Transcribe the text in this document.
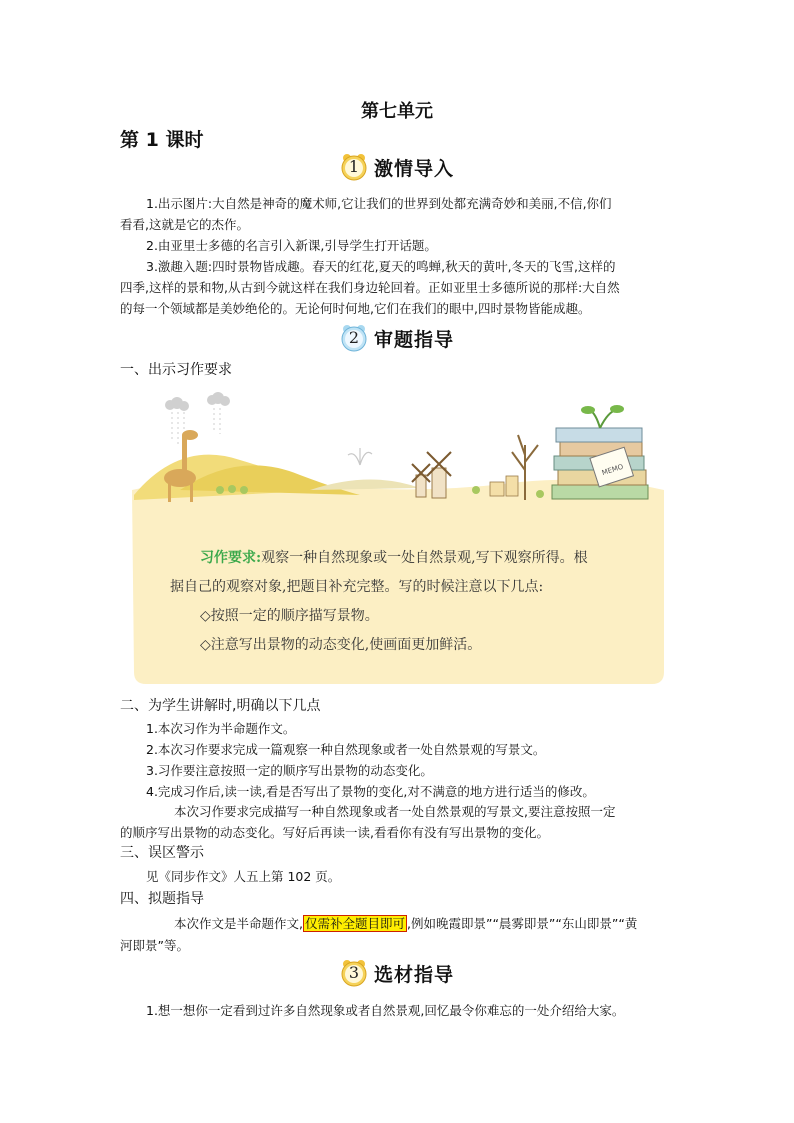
第七单元
第 1 课时
1 激情导入
1.出示图片:大自然是神奇的魔术师,它让我们的世界到处都充满奇妙和美丽,不信,你们
看看,这就是它的杰作。
2.由亚里士多德的名言引入新课,引导学生打开话题。
3.激趣入题:四时景物皆成趣。春天的红花,夏天的鸣蝉,秋天的黄叶,冬天的飞雪,这样的
四季,这样的景和物,从古到今就这样在我们身边轮回着。正如亚里士多德所说的那样:大自然
的每一个领域都是美妙绝伦的。无论何时何地,它们在我们的眼中,四时景物皆能成趣。
2 审题指导
一、出示习作要求
MEMO
习作要求:观察一种自然现象或一处自然景观,写下观察所得。根
据自己的观察对象,把题目补充完整。写的时候注意以下几点:
◇按照一定的顺序描写景物。
◇注意写出景物的动态变化,使画面更加鲜活。
二、为学生讲解时,明确以下几点
1.本次习作为半命题作文。
2.本次习作要求完成一篇观察一种自然现象或者一处自然景观的写景文。
3.习作要注意按照一定的顺序写出景物的动态变化。
4.完成习作后,读一读,看是否写出了景物的变化,对不满意的地方进行适当的修改。
本次习作要求完成描写一种自然现象或者一处自然景观的写景文,要注意按照一定
的顺序写出景物的动态变化。写好后再读一读,看看你有没有写出景物的变化。
三、误区警示
见《同步作文》人五上第 102 页。
四、拟题指导
本次作文是半命题作文, 仅需补全题目即可 ,例如晚霞即景”“晨雾即景”“东山即景”“黄
河即景”等。
3 选材指导
1.想一想你一定看到过许多自然现象或者自然景观,回忆最令你难忘的一处介绍给大家。
